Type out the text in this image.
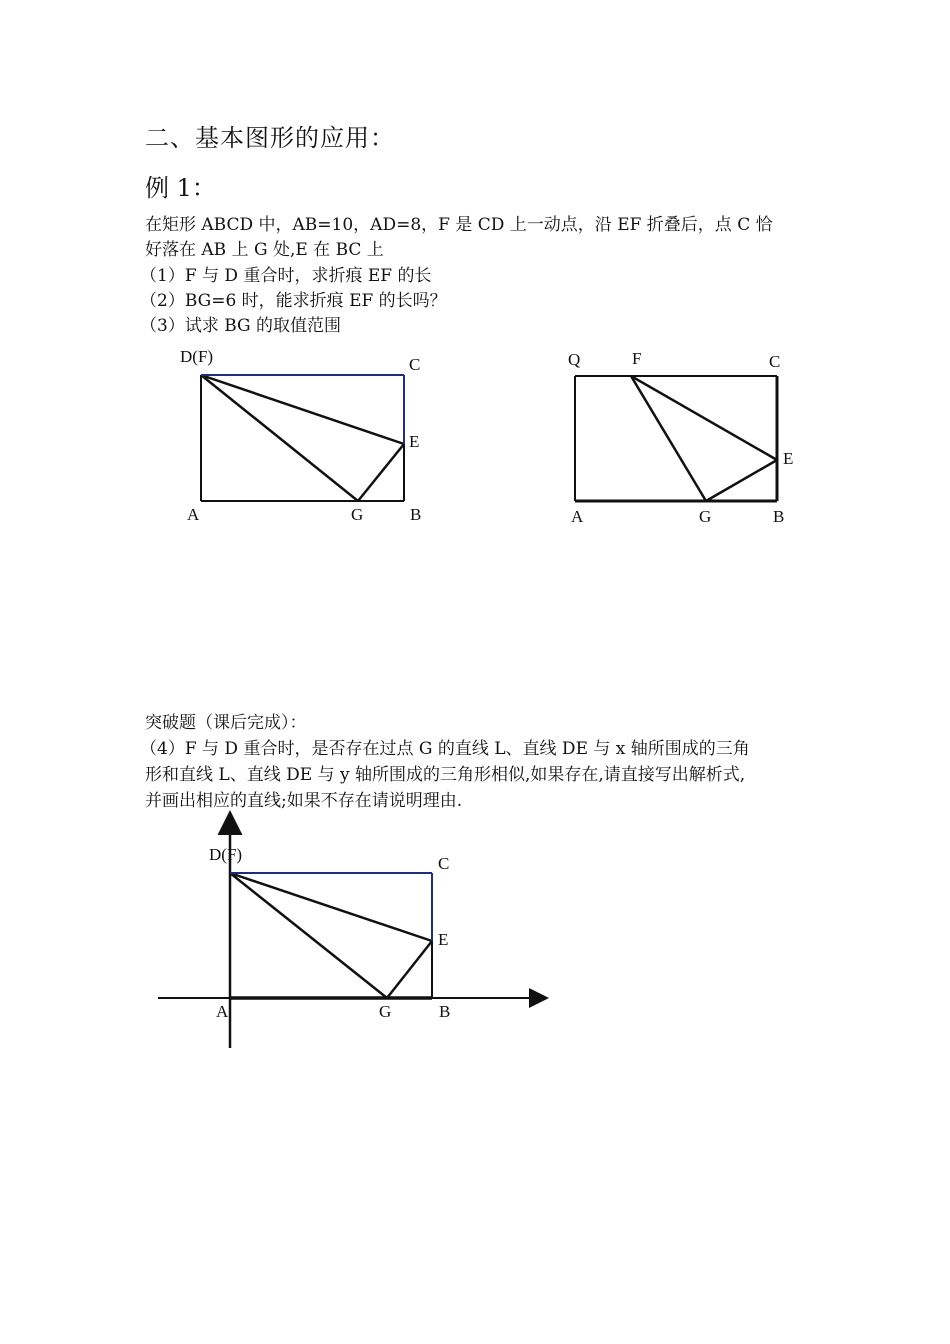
二、基本图形的应用：
例 1：
在矩形 ABCD 中，AB=10，AD=8，F 是 CD 上一动点，沿 EF 折叠后，点 C 恰
好落在 AB 上 G 处,E 在 BC 上
（1）F 与 D 重合时，求折痕 EF 的长
（2）BG=6 时，能求折痕 EF 的长吗？
（3）试求 BG 的取值范围
D(F)	C
E
A	G	B
Q	F	C
E
A	G	B
突破题（课后完成）：
（4）F 与 D 重合时，是否存在过点 G 的直线 L、直线 DE 与 x 轴所围成的三角
形和直线 L、直线 DE 与 y 轴所围成的三角形相似,如果存在,请直接写出解析式,
并画出相应的直线;如果不存在请说明理由.
D(F)	C
E
A	G	B
